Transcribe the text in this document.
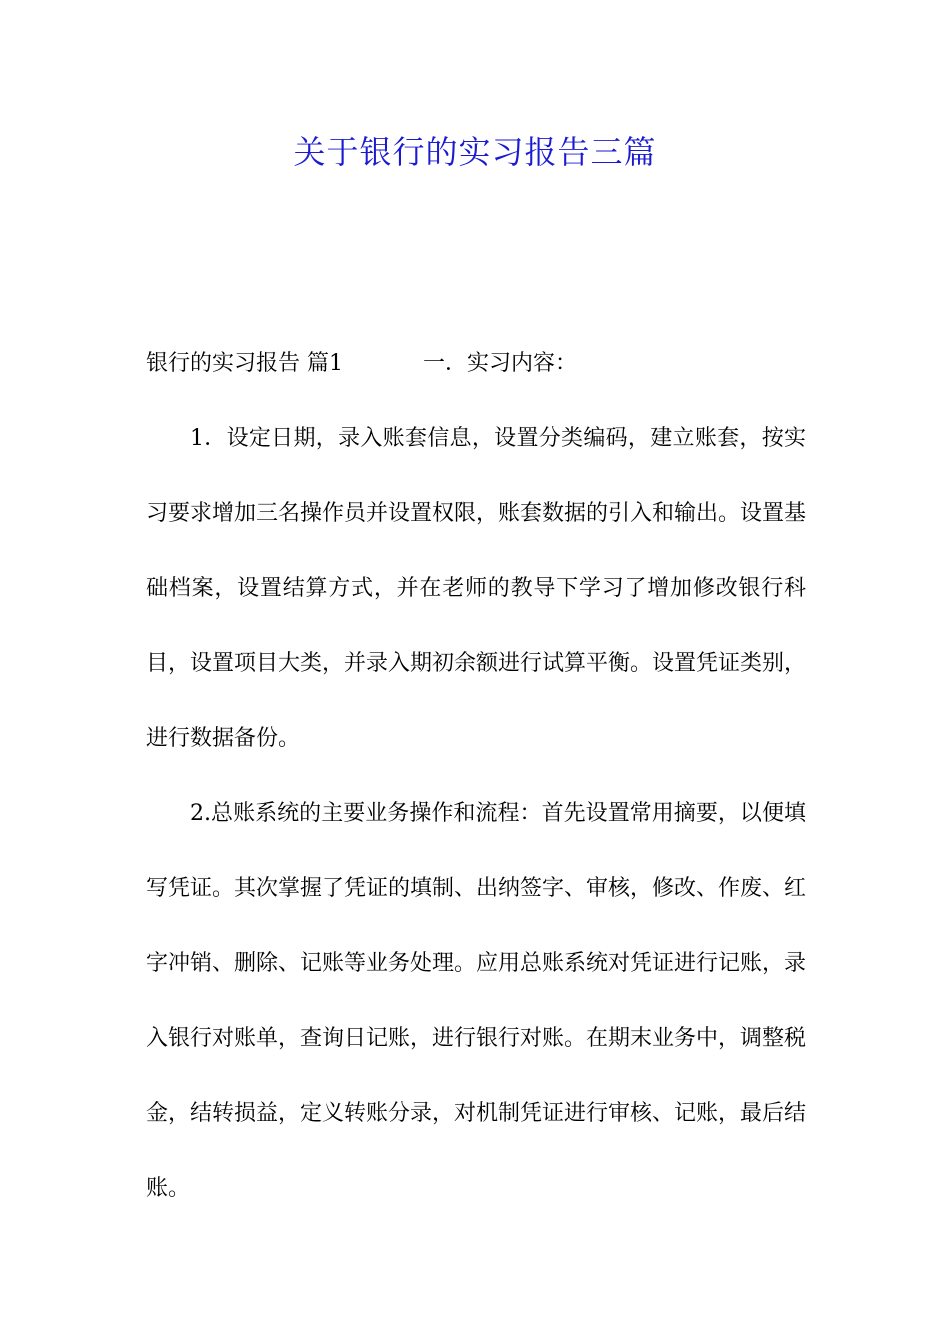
关于银行的实习报告三篇

银行的实习报告 篇1	一．实习内容：

1．设定日期，录入账套信息，设置分类编码，建立账套，按实习要求增加三名操作员并设置权限，账套数据的引入和输出。设置基础档案，设置结算方式，并在老师的教导下学习了增加修改银行科目，设置项目大类，并录入期初余额进行试算平衡。设置凭证类别，进行数据备份。

2.总账系统的主要业务操作和流程：首先设置常用摘要，以便填写凭证。其次掌握了凭证的填制、出纳签字、审核，修改、作废、红字冲销、删除、记账等业务处理。应用总账系统对凭证进行记账，录入银行对账单，查询日记账，进行银行对账。在期末业务中，调整税金，结转损益，定义转账分录，对机制凭证进行审核、记账，最后结账。
